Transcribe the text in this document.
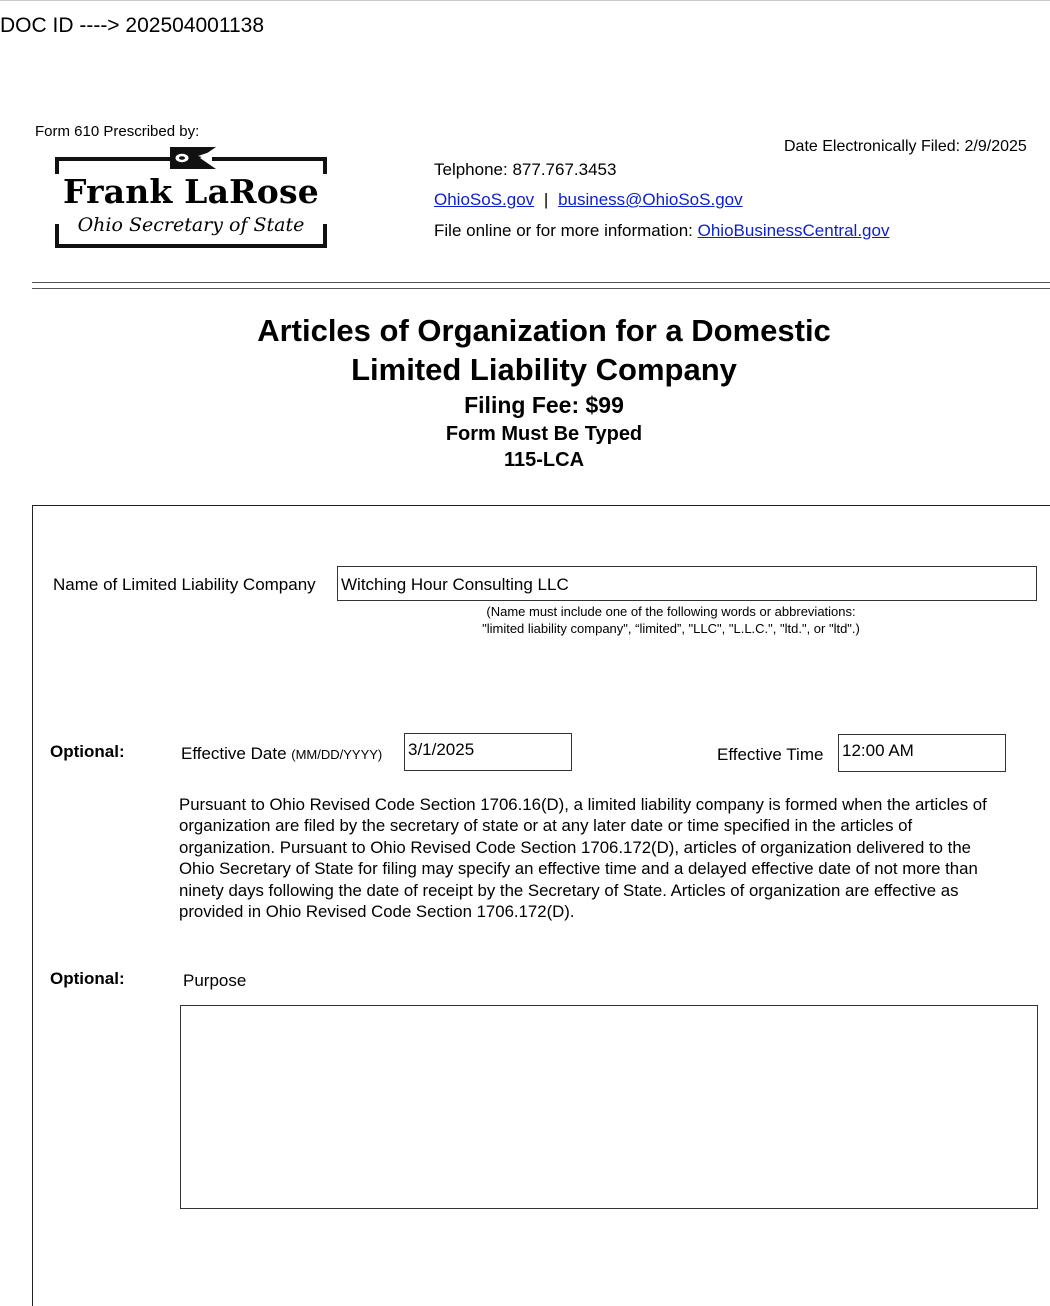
DOC ID ----> 202504001138
Form 610 Prescribed by:
Frank LaRose
Ohio Secretary of State
Date Electronically Filed: 2/9/2025
Telphone: 877.767.3453
OhioSoS.gov | business@OhioSoS.gov
File online or for more information: OhioBusinessCentral.gov
Articles of Organization for a Domestic
Limited Liability Company
Filing Fee: $99
Form Must Be Typed
115-LCA
Name of Limited Liability Company Witching Hour Consulting LLC
(Name must include one of the following words or abbreviations:
"limited liability company", “limited”, "LLC", "L.L.C.", "ltd.", or "ltd".)
Optional:	Effective Date (MM/DD/YYYY) 3/1/2025	Effective Time 12:00 AM
Pursuant to Ohio Revised Code Section 1706.16(D), a limited liability company is formed when the articles of organization are filed by the secretary of state or at any later date or time specified in the articles of organization. Pursuant to Ohio Revised Code Section 1706.172(D), articles of organization delivered to the Ohio Secretary of State for filing may specify an effective time and a delayed effective date of not more than ninety days following the date of receipt by the Secretary of State. Articles of organization are effective as provided in Ohio Revised Code Section 1706.172(D).
Optional:	Purpose
